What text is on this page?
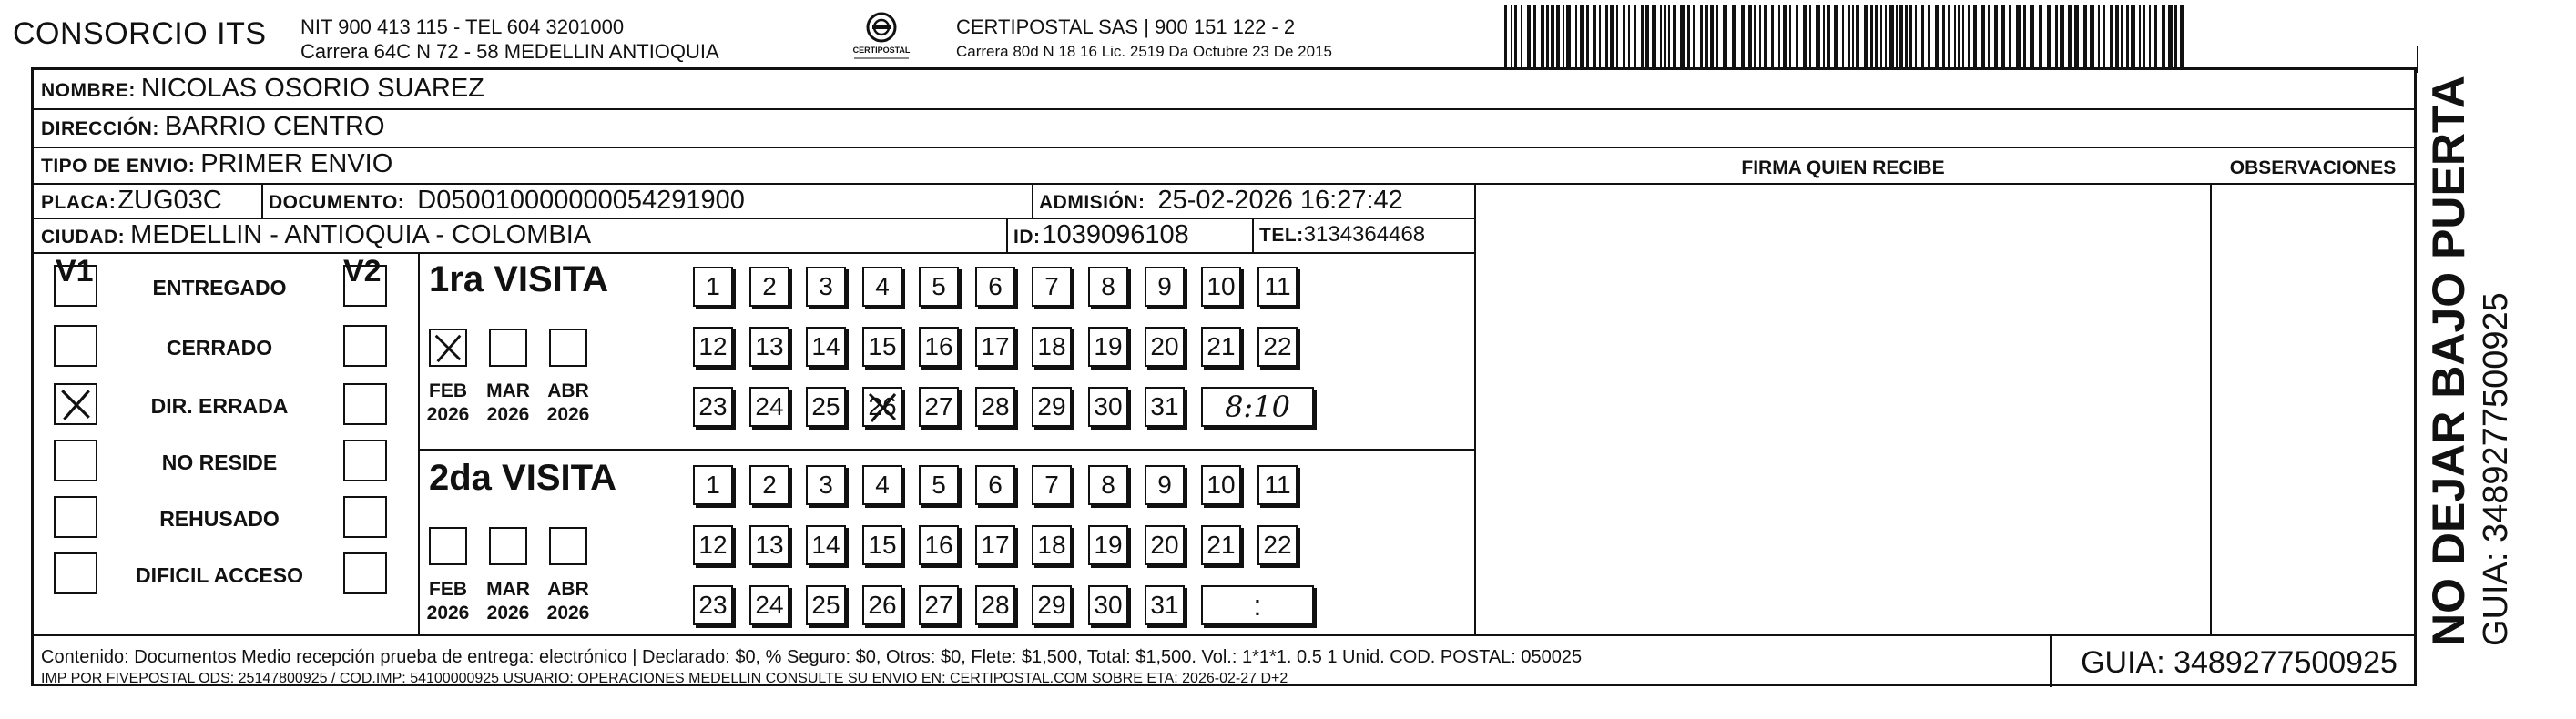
CONSORCIO ITS NIT 900 413 115 - TEL 604 3201000
Carrera 64C N 72 - 58 MEDELLIN ANTIOQUIA	CERTIPOSTAL
CERTIPOSTAL SAS | 900 151 122 - 2
Carrera 80d N 18 16 Lic. 2519 Da Octubre 23 De 2015
NOMBRE: NICOLAS OSORIO SUAREZ
DIRECCIÓN: BARRIO CENTRO
TIPO DE ENVIO: PRIMER ENVIO	FIRMA QUIEN RECIBE	OBSERVACIONES
PLACA: ZUG03C DOCUMENTO: D050010000000054291900	ADMISIÓN: 25-02-2026 16:27:42
CIUDAD: MEDELLIN - ANTIOQUIA - COLOMBIA	ID: 1039096108	TEL: 3134364468
V1	V2
ENTREGADO
CERRADO
DIR. ERRADA
NO RESIDE
REHUSADO
DIFICIL ACCESO
1ra VISITA
FEB
2026
MAR
2026
ABR
2026
1 2 3 4 5 6 7 8 9 10 11
12 13 14 15 16 17 18 19 20 21 22
23 24 25 26 27 28 29 30 31	8:10
2da VISITA
FEB
2026
MAR
2026
ABR
2026
1 2 3 4 5 6 7 8 9 10 11
12 13 14 15 16 17 18 19 20 21 22
23 24 25 26 27 28 29 30 31	:
Contenido: Documentos Medio recepción prueba de entrega: electrónico | Declarado: $0, % Seguro: $0, Otros: $0, Flete: $1,500, Total: $1,500. Vol.: 1*1*1. 0.5 1 Unid. COD. POSTAL: 050025
IMP POR FIVEPOSTAL ODS: 25147800925 / COD.IMP: 54100000925 USUARIO: OPERACIONES MEDELLIN CONSULTE SU ENVIO EN: CERTIPOSTAL.COM SOBRE ETA: 2026-02-27 D+2	GUIA: 3489277500925
NO DEJAR BAJO PUERTA GUIA: 3489277500925
